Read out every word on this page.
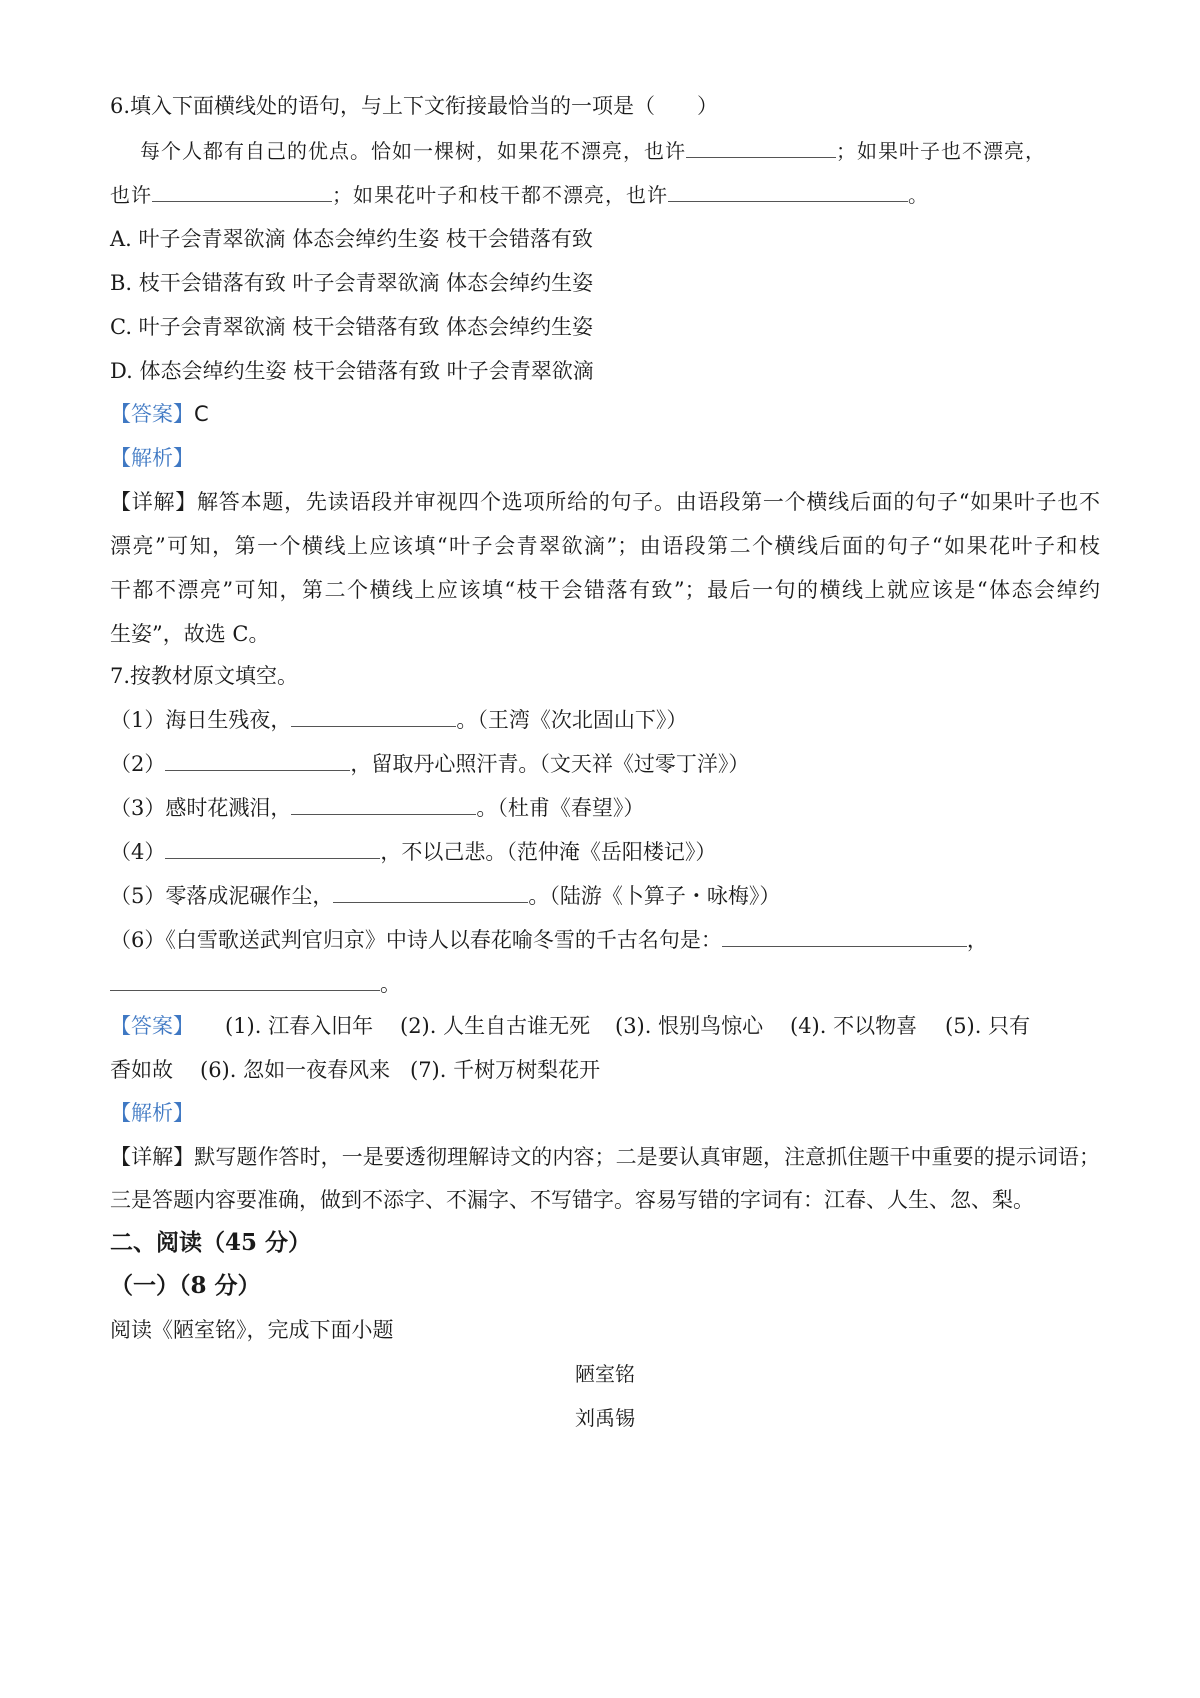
6.填入下面横线处的语句，与上下文衔接最恰当的一项是（　　）
每个人都有自己的优点。恰如一棵树，如果花不漂亮，也许	；如果叶子也不漂亮，
也许	；如果花叶子和枝干都不漂亮，也许	。
A. 叶子会青翠欲滴 体态会绰约生姿 枝干会错落有致
B. 枝干会错落有致 叶子会青翠欲滴 体态会绰约生姿
C. 叶子会青翠欲滴 枝干会错落有致 体态会绰约生姿
D. 体态会绰约生姿 枝干会错落有致 叶子会青翠欲滴
【答案】C
【解析】
【详解】解答本题，先读语段并审视四个选项所给的句子。由语段第一个横线后面的句子“如果叶子也不
漂亮”可知，第一个横线上应该填“叶子会青翠欲滴”；由语段第二个横线后面的句子“如果花叶子和枝
干都不漂亮”可知，第二个横线上应该填“枝干会错落有致”；最后一句的横线上就应该是“体态会绰约
生姿”，故选 C。
7.按教材原文填空。
（1）海日生残夜，	。（王湾《次北固山下》）
（2）	，留取丹心照汗青。（文天祥《过零丁洋》）
（3）感时花溅泪，	。（杜甫《春望》）
（4）	，不以己悲。（范仲淹《岳阳楼记》）
（5）零落成泥碾作尘，	。（陆游《卜算子・咏梅》）
（6）《白雪歌送武判官归京》中诗人以春花喻冬雪的千古名句是：	，
。
【答案】 (1). 江春入旧年 (2). 人生自古谁无死 (3). 恨别鸟惊心 (4). 不以物喜 (5). 只有
香如故 (6). 忽如一夜春风来 (7). 千树万树梨花开
【解析】
【详解】默写题作答时，一是要透彻理解诗文的内容；二是要认真审题，注意抓住题干中重要的提示词语；
三是答题内容要准确，做到不添字、不漏字、不写错字。容易写错的字词有：江春、人生、忽、梨。
二、阅读（45 分）
（一）（8 分）
阅读《陋室铭》，完成下面小题
陋室铭
刘禹锡
